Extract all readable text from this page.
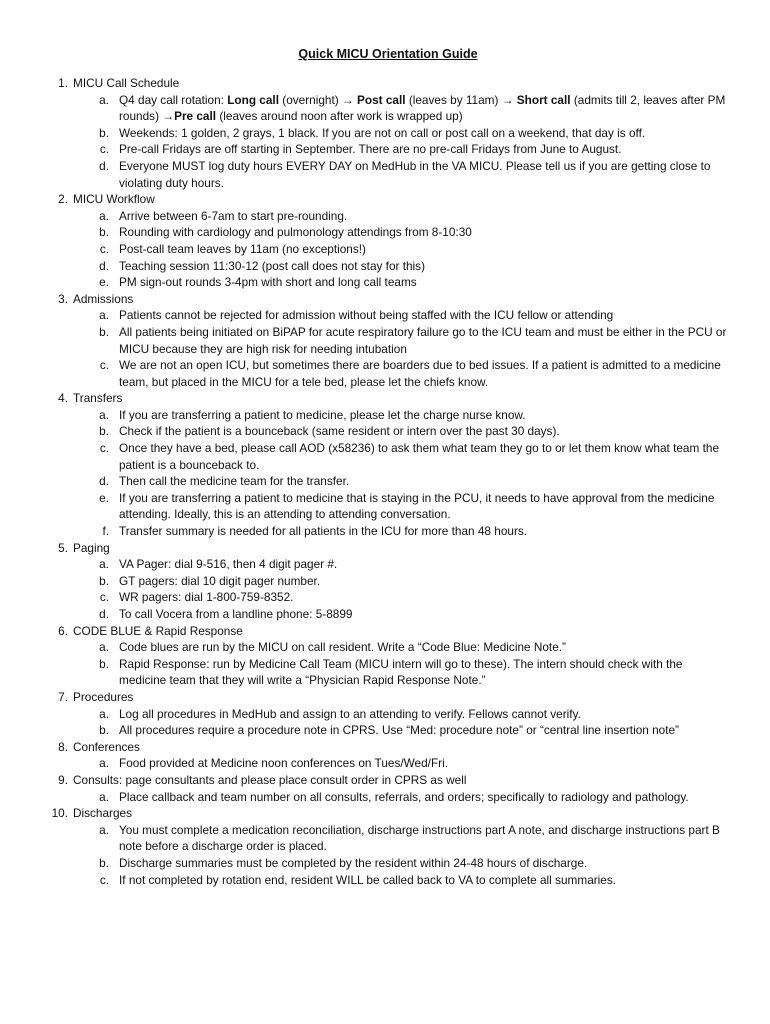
Quick MICU Orientation Guide
1. MICU Call Schedule
a. Q4 day call rotation: Long call (overnight) → Post call (leaves by 11am) → Short call (admits till 2, leaves after PM rounds) →Pre call (leaves around noon after work is wrapped up)
b. Weekends: 1 golden, 2 grays, 1 black. If you are not on call or post call on a weekend, that day is off.
c. Pre-call Fridays are off starting in September. There are no pre-call Fridays from June to August.
d. Everyone MUST log duty hours EVERY DAY on MedHub in the VA MICU. Please tell us if you are getting close to violating duty hours.
2. MICU Workflow
a. Arrive between 6-7am to start pre-rounding.
b. Rounding with cardiology and pulmonology attendings from 8-10:30
c. Post-call team leaves by 11am (no exceptions!)
d. Teaching session 11:30-12 (post call does not stay for this)
e. PM sign-out rounds 3-4pm with short and long call teams
3. Admissions
a. Patients cannot be rejected for admission without being staffed with the ICU fellow or attending
b. All patients being initiated on BiPAP for acute respiratory failure go to the ICU team and must be either in the PCU or MICU because they are high risk for needing intubation
c. We are not an open ICU, but sometimes there are boarders due to bed issues. If a patient is admitted to a medicine team, but placed in the MICU for a tele bed, please let the chiefs know.
4. Transfers
a. If you are transferring a patient to medicine, please let the charge nurse know.
b. Check if the patient is a bounceback (same resident or intern over the past 30 days).
c. Once they have a bed, please call AOD (x58236) to ask them what team they go to or let them know what team the patient is a bounceback to.
d. Then call the medicine team for the transfer.
e. If you are transferring a patient to medicine that is staying in the PCU, it needs to have approval from the medicine attending. Ideally, this is an attending to attending conversation.
f. Transfer summary is needed for all patients in the ICU for more than 48 hours.
5. Paging
a. VA Pager: dial 9-516, then 4 digit pager #.
b. GT pagers: dial 10 digit pager number.
c. WR pagers: dial 1-800-759-8352.
d. To call Vocera from a landline phone: 5-8899
6. CODE BLUE & Rapid Response
a. Code blues are run by the MICU on call resident. Write a “Code Blue: Medicine Note.”
b. Rapid Response: run by Medicine Call Team (MICU intern will go to these). The intern should check with the medicine team that they will write a “Physician Rapid Response Note.”
7. Procedures
a. Log all procedures in MedHub and assign to an attending to verify. Fellows cannot verify.
b. All procedures require a procedure note in CPRS. Use “Med: procedure note” or “central line insertion note”
8. Conferences
a. Food provided at Medicine noon conferences on Tues/Wed/Fri.
9. Consults: page consultants and please place consult order in CPRS as well
a. Place callback and team number on all consults, referrals, and orders; specifically to radiology and pathology.
10. Discharges
a. You must complete a medication reconciliation, discharge instructions part A note, and discharge instructions part B note before a discharge order is placed.
b. Discharge summaries must be completed by the resident within 24-48 hours of discharge.
c. If not completed by rotation end, resident WILL be called back to VA to complete all summaries.
